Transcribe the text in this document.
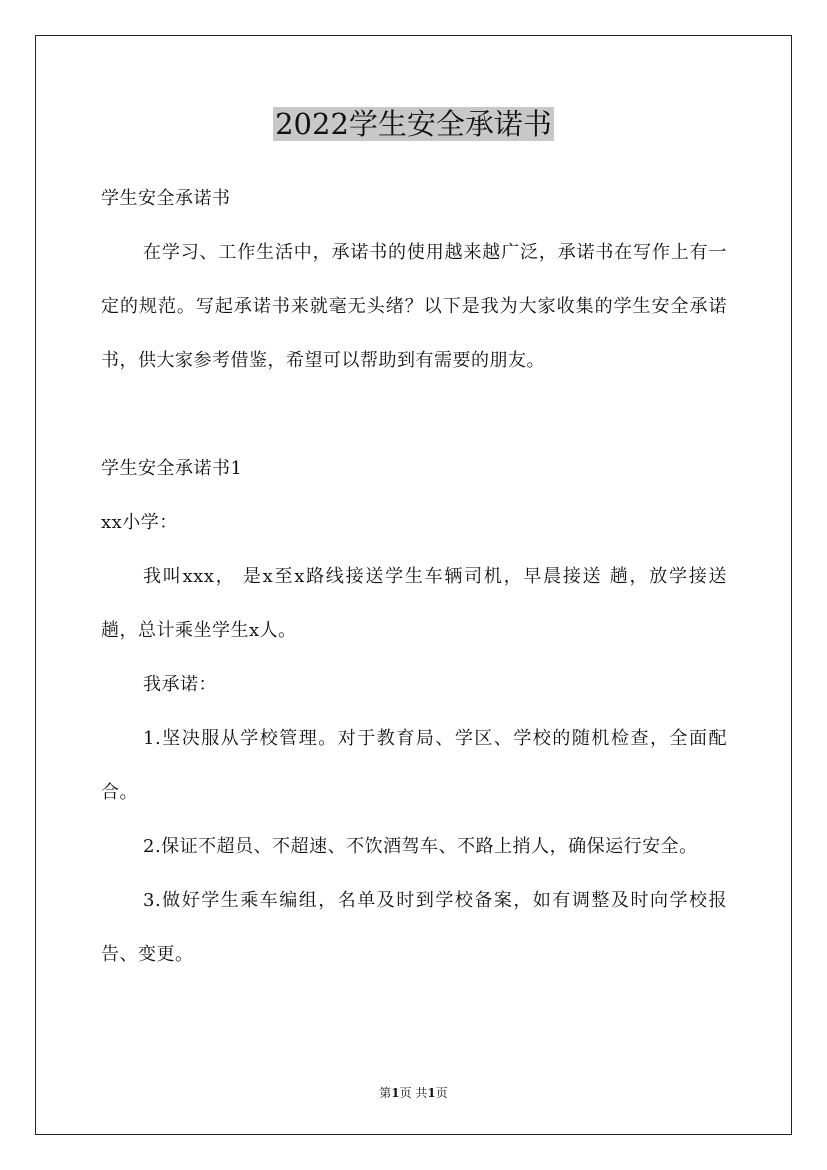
2022学生安全承诺书

学生安全承诺书

在学习、工作生活中，承诺书的使用越来越广泛，承诺书在写作上有一定的规范。写起承诺书来就毫无头绪？以下是我为大家收集的学生安全承诺书，供大家参考借鉴，希望可以帮助到有需要的朋友。

学生安全承诺书1

xx小学：

我叫xxx， 是x至x路线接送学生车辆司机，早晨接送 趟，放学接送 趟，总计乘坐学生x人。

我承诺：

1.坚决服从学校管理。对于教育局、学区、学校的随机检查，全面配合。

2.保证不超员、不超速、不饮酒驾车、不路上捎人，确保运行安全。

3.做好学生乘车编组，名单及时到学校备案，如有调整及时向学校报告、变更。

第1页 共1页
